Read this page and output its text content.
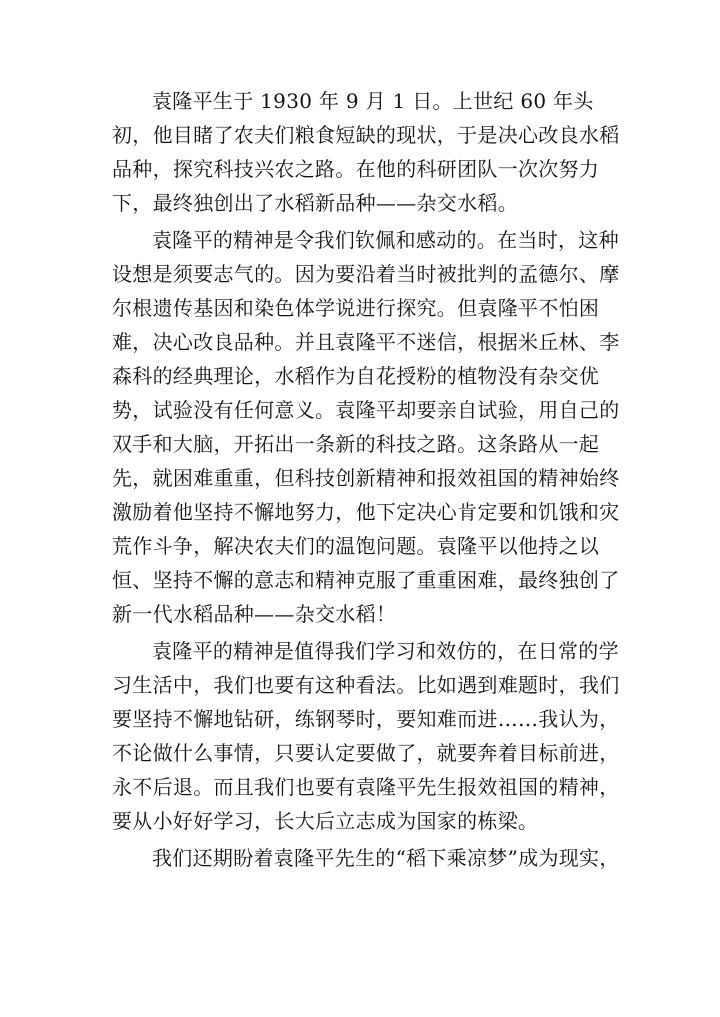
袁隆平生于 1930 年 9 月 1 日。上世纪 60 年头初，他目睹了农夫们粮食短缺的现状，于是决心改良水稻品种，探究科技兴农之路。在他的科研团队一次次努力下，最终独创出了水稻新品种——杂交水稻。

袁隆平的精神是令我们钦佩和感动的。在当时，这种设想是须要志气的。因为要沿着当时被批判的孟德尔、摩尔根遗传基因和染色体学说进行探究。但袁隆平不怕困难，决心改良品种。并且袁隆平不迷信，根据米丘林、李森科的经典理论，水稻作为自花授粉的植物没有杂交优势，试验没有任何意义。袁隆平却要亲自试验，用自己的双手和大脑，开拓出一条新的科技之路。这条路从一起先，就困难重重，但科技创新精神和报效祖国的精神始终激励着他坚持不懈地努力，他下定决心肯定要和饥饿和灾荒作斗争，解决农夫们的温饱问题。袁隆平以他持之以恒、坚持不懈的意志和精神克服了重重困难，最终独创了新一代水稻品种——杂交水稻！

袁隆平的精神是值得我们学习和效仿的，在日常的学习生活中，我们也要有这种看法。比如遇到难题时，我们要坚持不懈地钻研，练钢琴时，要知难而进……我认为，不论做什么事情，只要认定要做了，就要奔着目标前进，永不后退。而且我们也要有袁隆平先生报效祖国的精神，要从小好好学习，长大后立志成为国家的栋梁。

我们还期盼着袁隆平先生的“稻下乘凉梦”成为现实，
